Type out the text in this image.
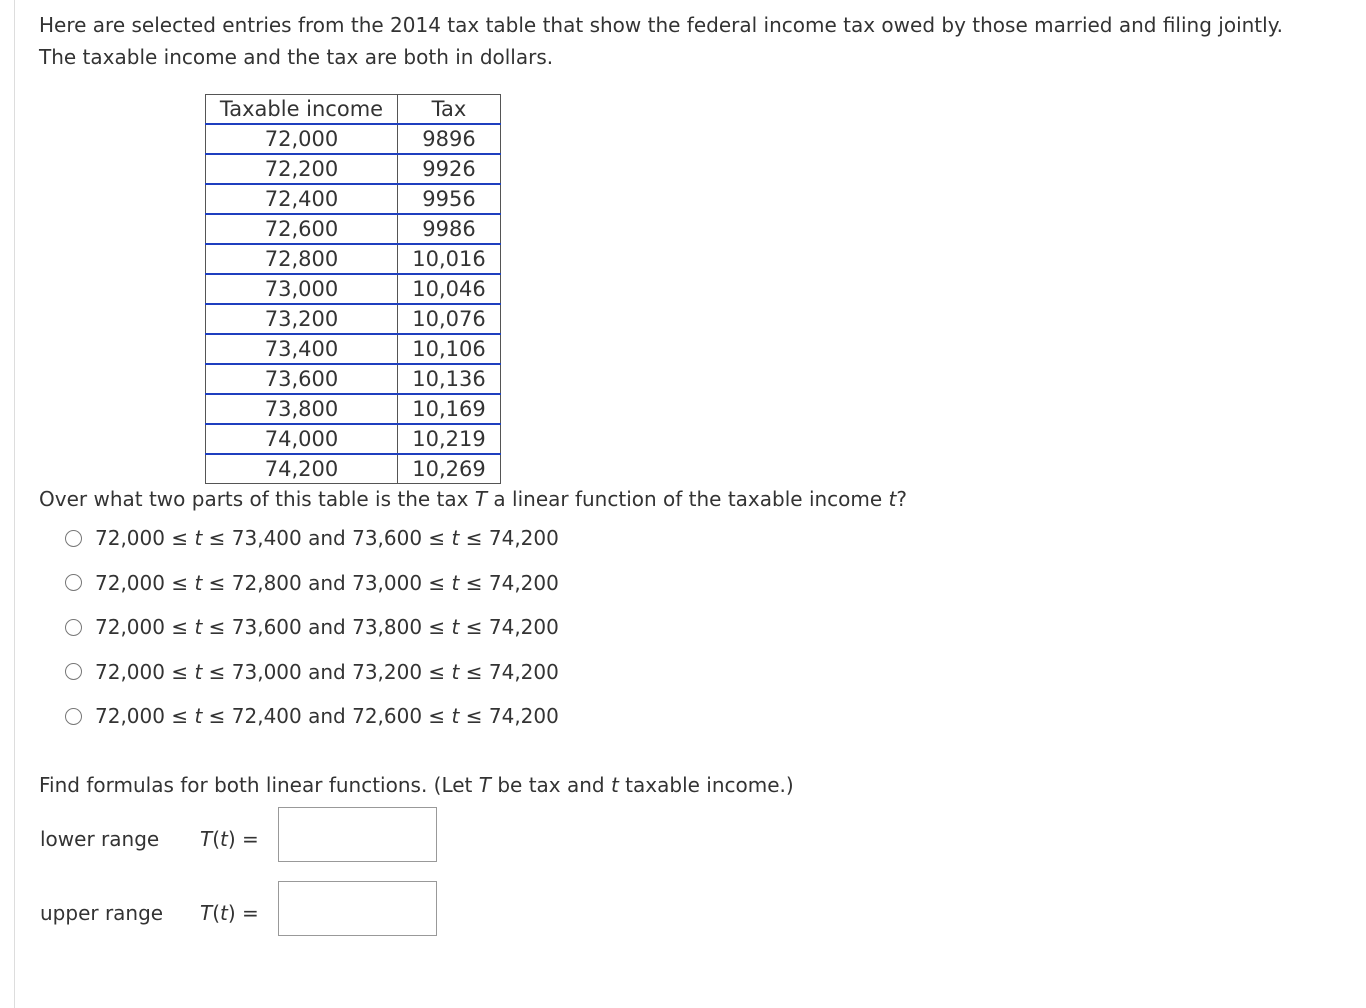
Here are selected entries from the 2014 tax table that show the federal income tax owed by those married and filing jointly.
The taxable income and the tax are both in dollars.
Taxable income	Tax
72,000	9896
72,200	9926
72,400	9956
72,600	9986
72,800	10,016
73,000	10,046
73,200	10,076
73,400	10,106
73,600	10,136
73,800	10,169
74,000	10,219
74,200	10,269
Over what two parts of this table is the tax T a linear function of the taxable income t?
72,000 ≤ t ≤ 73,400 and 73,600 ≤ t ≤ 74,200
72,000 ≤ t ≤ 72,800 and 73,000 ≤ t ≤ 74,200
72,000 ≤ t ≤ 73,600 and 73,800 ≤ t ≤ 74,200
72,000 ≤ t ≤ 73,000 and 73,200 ≤ t ≤ 74,200
72,000 ≤ t ≤ 72,400 and 72,600 ≤ t ≤ 74,200
Find formulas for both linear functions. (Let T be tax and t taxable income.)
lower range T(t) =
upper range T(t) =
